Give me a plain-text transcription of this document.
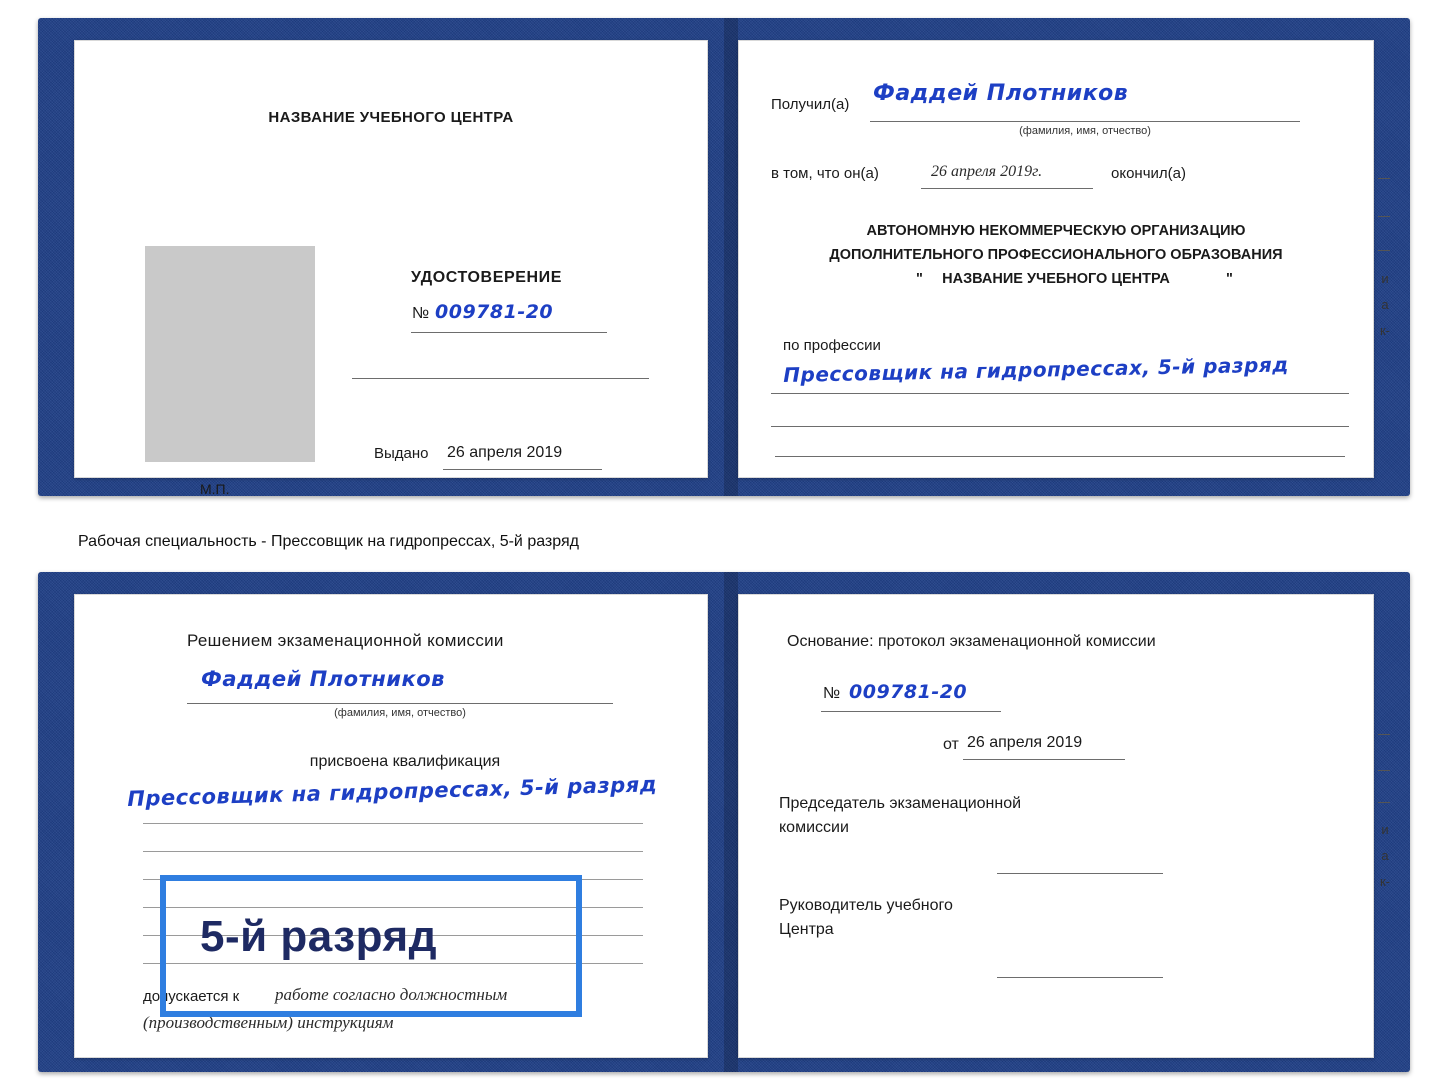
НАЗВАНИЕ УЧЕБНОГО ЦЕНТРА
УДОСТОВЕРЕНИЕ
№ 009781-20
Выдано 26 апреля 2019
М.П.
Получил(а) Фаддей Плотников
(фамилия, имя, отчество)
в том, что он(а)	26 апреля 2019г.	окончил(а)
АВТОНОМНУЮ НЕКОММЕРЧЕСКУЮ ОРГАНИЗАЦИЮ
ДОПОЛНИТЕЛЬНОГО ПРОФЕССИОНАЛЬНОГО ОБРАЗОВАНИЯ
"	НАЗВАНИЕ УЧЕБНОГО ЦЕНТРА	"
по профессии
Прессовщик на гидропрессах, 5-й разряд
и
а
к-
Рабочая специальность - Прессовщик на гидропрессах, 5-й разряд
Решением экзаменационной комиссии
Фаддей Плотников
(фамилия, имя, отчество)
присвоена квалификация
Прессовщик на гидропрессах, 5-й разряд
допускается к работе согласно должностным
(производственным) инструкциям
Основание: протокол экзаменационной комиссии
№ 009781-20
от 26 апреля 2019
Председатель экзаменационной
комиссии
Руководитель учебного
Центра
и
а
к-
5-й разряд
